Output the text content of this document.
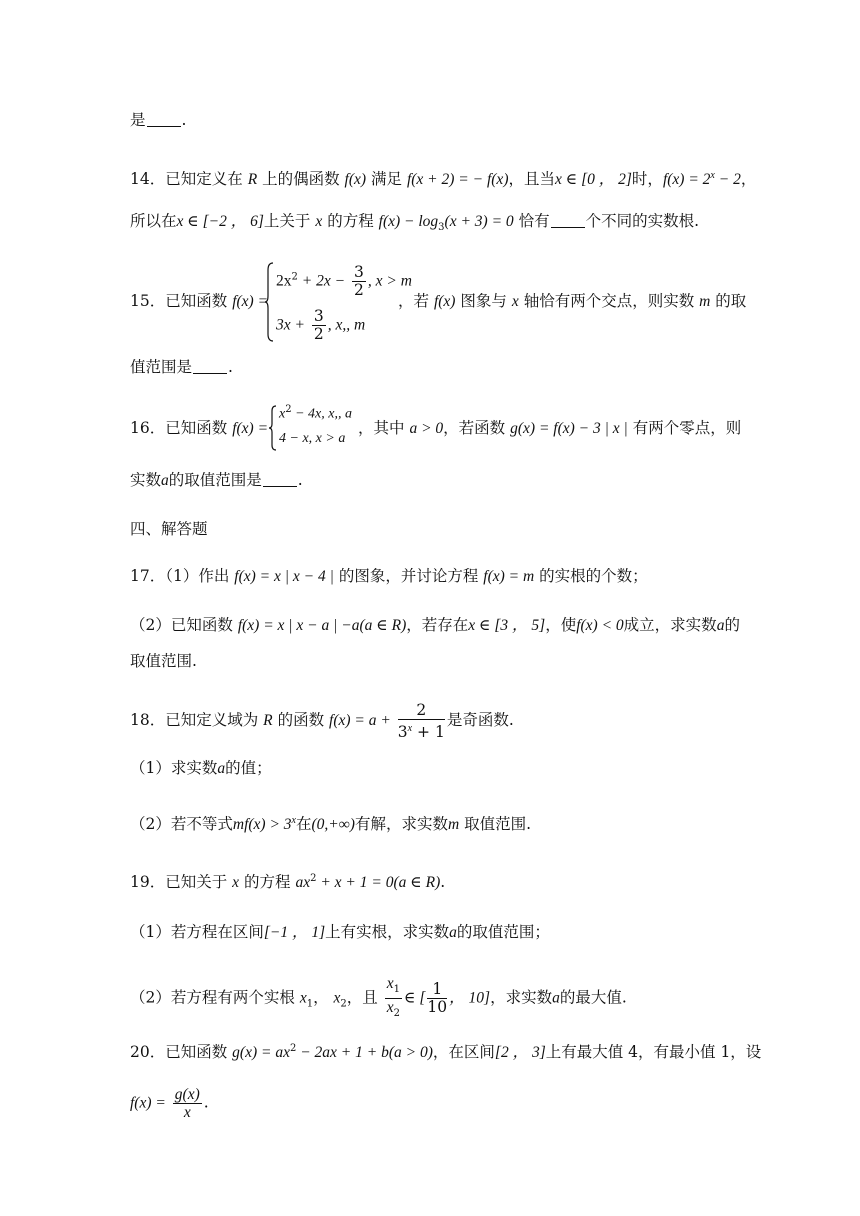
是 .
14．已知定义在 R 上的偶函数 f(x) 满足 f(x + 2) = − f(x)，且当x ∈ [0 ， 2]时，$f(x) = 2^x - 2$，
所以在x ∈ [−2 ， 6]上关于 x 的方程 $f(x) - \log_3(x + 3) = 0$ 恰有 个不同的实数根.
15．已知函数 f(x) =
$2x^2 + 2x - \frac{3}{2}$ , x > m
$3x + \frac{3}{2}$ , x,, m
，若 f(x) 图象与 x 轴恰有两个交点，则实数 m 的取
值范围是 .
16．已知函数 f(x) =
$x^2 - 4x$, x,, a
4 − x, x > a
，其中 a > 0，若函数 g(x) = f(x) − 3 | x | 有两个零点，则
实数a的取值范围是 .
四、解答题
17．（1）作出 f(x) = x | x − 4 | 的图象，并讨论方程 f(x) = m 的实根的个数；
（2）已知函数 f(x) = x | x − a | −a(a ∈ R)，若存在x ∈ [3 ， 5]，使f(x) < 0成立，求实数a的
取值范围.
18．已知定义域为 R 的函数 $f(x) = a + \frac{2}{3^x + 1}$ 是奇函数.
（1）求实数a的值；
（2）若不等式$mf(x) > 3^x$在(0,+∞)有解，求实数m 取值范围.
19．已知关于 x 的方程 $ax^2 + x + 1 = 0(a$ ∈ R).
（1）若方程在区间[−1 ， 1]上有实根，求实数a的取值范围；
（2）若方程有两个实根 $x_1$， $x_2$，且 $\frac{x_1}{x_2}$ ∈ [ $\frac{1}{10}$ ， 10]，求实数a的最大值.
20．已知函数 $g(x) = ax^2 - 2ax + 1 + b(a > 0)$，在区间[2 ， 3]上有最大值 4，有最小值 1，设
$f(x) = \frac{g(x)}{x}$ .
